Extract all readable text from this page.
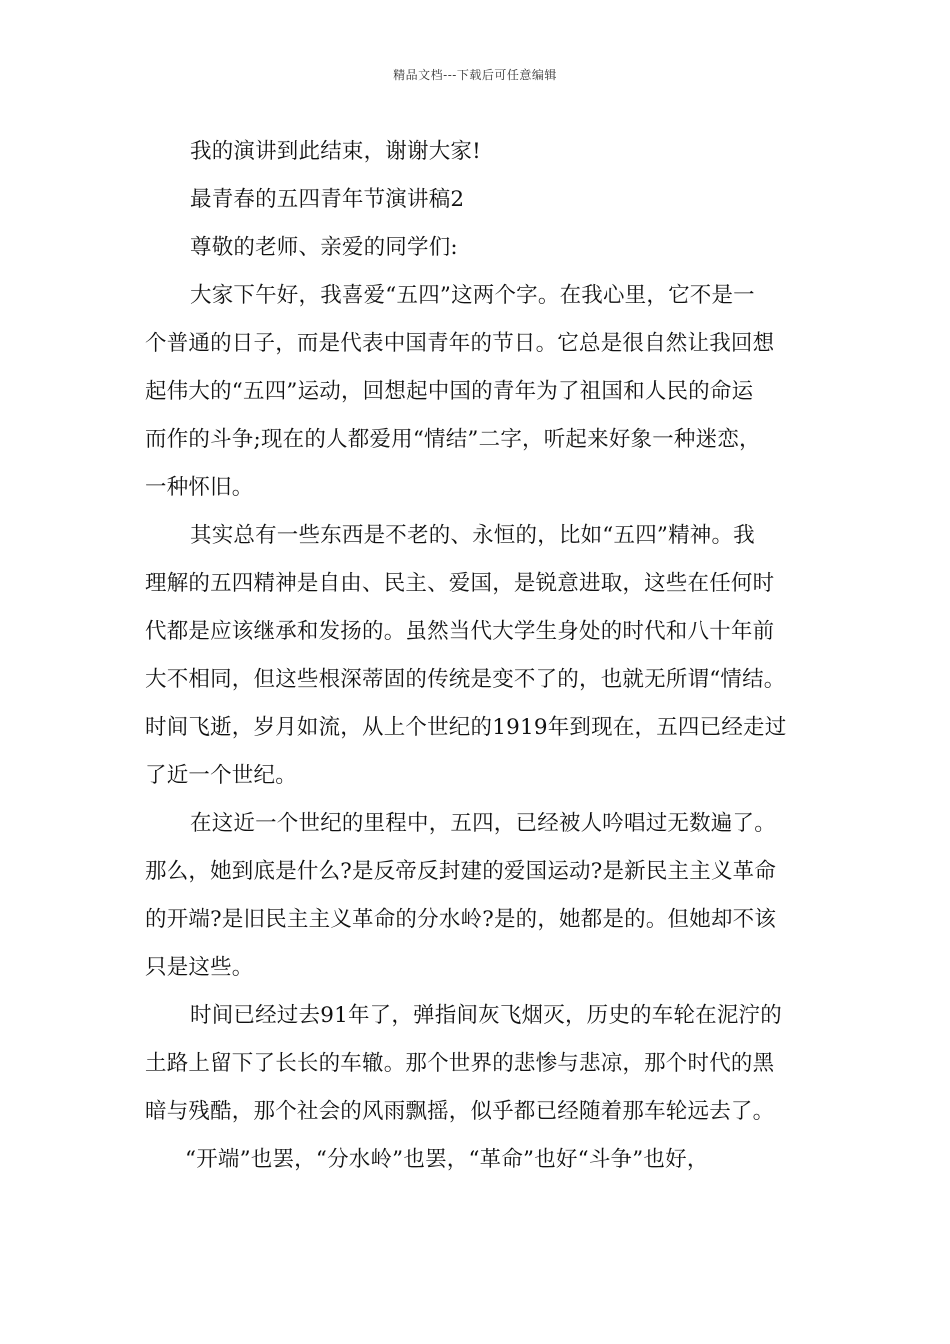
精品文档---下载后可任意编辑
我的演讲到此结束，谢谢大家!
最青春的五四青年节演讲稿2
尊敬的老师、亲爱的同学们:
大家下午好，我喜爱“五四”这两个字。在我心里，它不是一
个普通的日子，而是代表中国青年的节日。它总是很自然让我回想
起伟大的“五四”运动，回想起中国的青年为了祖国和人民的命运
而作的斗争;现在的人都爱用“情结”二字，听起来好象一种迷恋，
一种怀旧。
其实总有一些东西是不老的、永恒的，比如“五四”精神。我
理解的五四精神是自由、民主、爱国，是锐意进取，这些在任何时
代都是应该继承和发扬的。虽然当代大学生身处的时代和八十年前
大不相同，但这些根深蒂固的传统是变不了的，也就无所谓“情结。
时间飞逝，岁月如流，从上个世纪的1919年到现在，五四已经走过
了近一个世纪。
在这近一个世纪的里程中，五四，已经被人吟唱过无数遍了。
那么，她到底是什么?是反帝反封建的爱国运动?是新民主主义革命
的开端?是旧民主主义革命的分水岭?是的，她都是的。但她却不该
只是这些。
时间已经过去91年了，弹指间灰飞烟灭，历史的车轮在泥泞的
土路上留下了长长的车辙。那个世界的悲惨与悲凉，那个时代的黑
暗与残酷，那个社会的风雨飘摇，似乎都已经随着那车轮远去了。
“开端”也罢，“分水岭”也罢，“革命”也好“斗争”也好，
